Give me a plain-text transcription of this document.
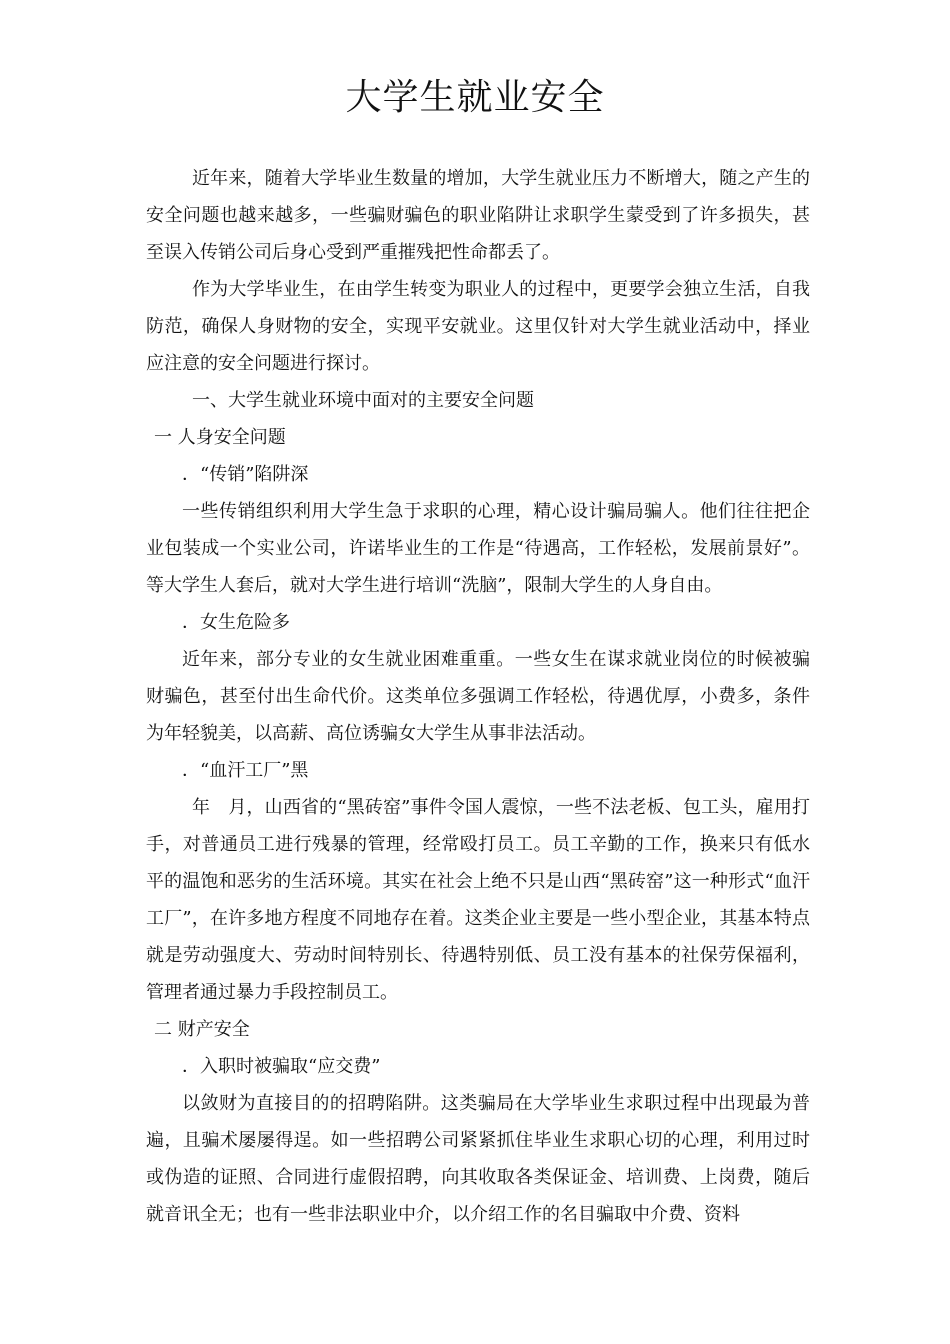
大学生就业安全

近年来，随着大学毕业生数量的增加，大学生就业压力不断增大，随之产生的安全问题也越来越多，一些骗财骗色的职业陷阱让求职学生蒙受到了许多损失，甚至误入传销公司后身心受到严重摧残把性命都丢了。

作为大学毕业生，在由学生转变为职业人的过程中，更要学会独立生活，自我防范，确保人身财物的安全，实现平安就业。这里仅针对大学生就业活动中，择业应注意的安全问题进行探讨。

一、大学生就业环境中面对的主要安全问题

一 人身安全问题

．“传销”陷阱深

一些传销组织利用大学生急于求职的心理，精心设计骗局骗人。他们往往把企业包装成一个实业公司，许诺毕业生的工作是“待遇高，工作轻松，发展前景好”。等大学生人套后，就对大学生进行培训“洗脑”，限制大学生的人身自由。

．女生危险多

近年来，部分专业的女生就业困难重重。一些女生在谋求就业岗位的时候被骗财骗色，甚至付出生命代价。这类单位多强调工作轻松，待遇优厚，小费多，条件为年轻貌美，以高薪、高位诱骗女大学生从事非法活动。

．“血汗工厂”黑

年　月，山西省的“黑砖窑”事件令国人震惊，一些不法老板、包工头，雇用打手，对普通员工进行残暴的管理，经常殴打员工。员工辛勤的工作，换来只有低水平的温饱和恶劣的生活环境。其实在社会上绝不只是山西“黑砖窑”这一种形式“血汗工厂”，在许多地方程度不同地存在着。这类企业主要是一些小型企业，其基本特点就是劳动强度大、劳动时间特别长、待遇特别低、员工没有基本的社保劳保福利，管理者通过暴力手段控制员工。

二 财产安全

．入职时被骗取“应交费”

以敛财为直接目的的招聘陷阱。这类骗局在大学毕业生求职过程中出现最为普遍，且骗术屡屡得逞。如一些招聘公司紧紧抓住毕业生求职心切的心理，利用过时或伪造的证照、合同进行虚假招聘，向其收取各类保证金、培训费、上岗费，随后就音讯全无；也有一些非法职业中介，以介绍工作的名目骗取中介费、资料
